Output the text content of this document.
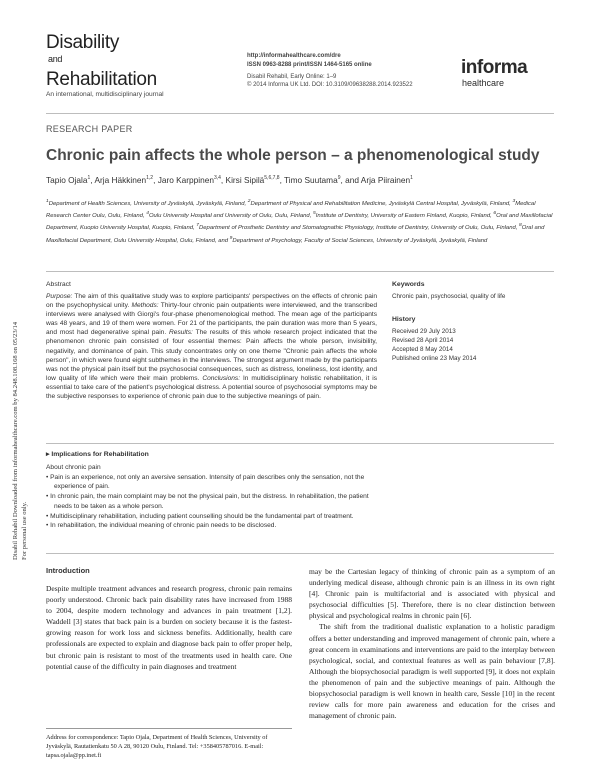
Disabil Rehabil Downloaded from informahealthcare.com by 84.248.108.168 on 05/23/14 For personal use only.
Disability
and
Rehabilitation
An international, multidisciplinary journal
http://informahealthcare.com/dre
ISSN 0963-8288 print/ISSN 1464-5165 online
Disabil Rehabil, Early Online: 1–9
© 2014 Informa UK Ltd. DOI: 10.3109/09638288.2014.923522
informa
healthcare
RESEARCH PAPER
Chronic pain affects the whole person – a phenomenological study
Tapio Ojala$^1$, Arja Häkkinen$^{1,2}$, Jaro Karppinen$^{3,4}$, Kirsi Sipilä$^{5,6,7,8}$, Timo Suutama$^9$, and Arja Piirainen$^1$
$^1$Department of Health Sciences, University of Jyväskylä, Jyväskylä, Finland, $^2$Department of Physical and Rehabilitation Medicine, Jyväskylä Central Hospital, Jyväskylä, Finland, $^3$Medical Research Center Oulu, Oulu, Finland, $^4$Oulu University Hospital and University of Oulu, Oulu, Finland, $^5$Institute of Dentistry, University of Eastern Finland, Kuopio, Finland, $^6$Oral and Maxillofacial Department, Kuopio University Hospital, Kuopio, Finland, $^7$Department of Prosthetic Dentistry and Stomatognathic Physiology, Institute of Dentistry, University of Oulu, Oulu, Finland, $^8$Oral and Maxillofacial Department, Oulu University Hospital, Oulu, Finland, and $^9$Department of Psychology, Faculty of Social Sciences, University of Jyväskylä, Jyväskylä, Finland
Abstract
Purpose: The aim of this qualitative study was to explore participants' perspectives on the effects of chronic pain on the psychophysical unity. Methods: Thirty-four chronic pain outpatients were interviewed, and the transcribed interviews were analysed with Giorgi's four-phase phenomenological method. The mean age of the participants was 48 years, and 19 of them were women. For 21 of the participants, the pain duration was more than 5 years, and most had degenerative spinal pain. Results: The results of this whole research project indicated that the phenomenon chronic pain consisted of four essential themes: Pain affects the whole person, invisibility, negativity, and dominance of pain. This study concentrates only on one theme "Chronic pain affects the whole person", in which were found eight subthemes in the interviews. The strongest argument made by the participants was not the physical pain itself but the psychosocial consequences, such as distress, loneliness, lost identity, and low quality of life which were their main problems. Conclusions: In multidisciplinary holistic rehabilitation, it is essential to take care of the patient's psychological distress. A potential source of psychosocial symptoms may be the subjective responses to experience of chronic pain due to the subjective meanings of pain.
Keywords
Chronic pain, psychosocial, quality of life
History
Received 29 July 2013
Revised 28 April 2014
Accepted 8 May 2014
Published online 23 May 2014
▸ Implications for Rehabilitation
About chronic pain
• Pain is an experience, not only an aversive sensation. Intensity of pain describes only the sensation, not the experience of pain.
• In chronic pain, the main complaint may be not the physical pain, but the distress. In rehabilitation, the patient needs to be taken as a whole person.
• Multidisciplinary rehabilitation, including patient counselling should be the fundamental part of treatment.
• In rehabilitation, the individual meaning of chronic pain needs to be disclosed.
Introduction
Despite multiple treatment advances and research progress, chronic pain remains poorly understood. Chronic back pain disability rates have increased from 1988 to 2004, despite modern technology and advances in pain treatment [1,2]. Waddell [3] states that back pain is a burden on society because it is the fastest-growing reason for work loss and sickness benefits. Additionally, health care professionals are expected to explain and diagnose back pain to offer proper help, but chronic pain is resistant to most of the treatments used in health care. One potential cause of the difficulty in pain diagnoses and treatment
may be the Cartesian legacy of thinking of chronic pain as a symptom of an underlying medical disease, although chronic pain is an illness in its own right [4]. Chronic pain is multifactorial and is associated with physical and psychosocial difficulties [5]. Therefore, there is no clear distinction between physical and psychological realms in chronic pain [6].
The shift from the traditional dualistic explanation to a holistic paradigm offers a better understanding and improved management of chronic pain, where a great concern in examinations and interventions are paid to the interplay between psychological, social, and contextual features as well as pain behaviour [7,8]. Although the biopsychosocial paradigm is well supported [9], it does not explain the phenomenon of pain and the subjective meanings of pain. Although the biopsychosocial paradigm is well known in health care, Sessle [10] in the recent review calls for more pain awareness and education for the crises and management of chronic pain.
Address for correspondence: Tapio Ojala, Department of Health Sciences, University of Jyväskylä, Rautatienkatu 50 A 28, 90120 Oulu, Finland. Tel: +358405787016. E-mail: tapsa.ojala@pp.inet.fi
